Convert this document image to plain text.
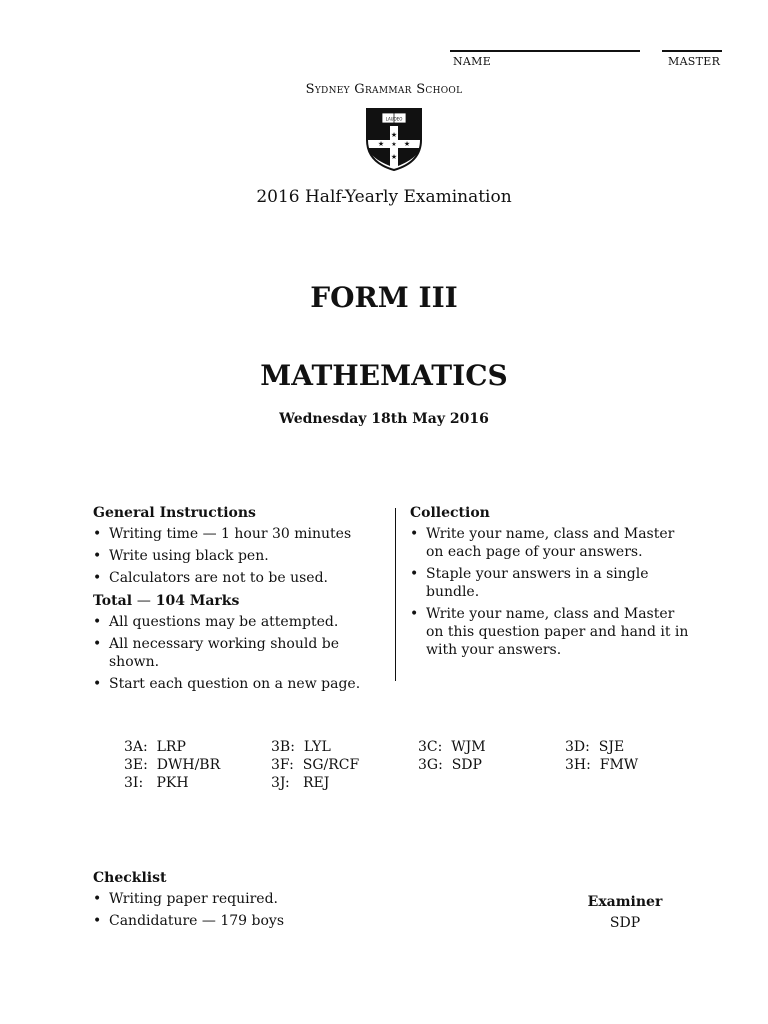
NAME	MASTER
Sydney Grammar School
LAUDEO
★
★	★
★
★
2016 Half-Yearly Examination
FORM III
MATHEMATICS
Wednesday 18th May 2016
General Instructions
• Writing time — 1 hour 30 minutes
• Write using black pen.
• Calculators are not to be used.
Total — 104 Marks
• All questions may be attempted.
• All necessary working should be shown.
• Start each question on a new page.
Collection
• Write your name, class and Master on each page of your answers.
• Staple your answers in a single bundle.
• Write your name, class and Master on this question paper and hand it in with your answers.
3A:  LRP	3B:  LYL	3C:  WJM	3D:  SJE
3E:  DWH/BR	3F:  SG/RCF	3G:  SDP	3H:  FMW
3I:   PKH	3J:   REJ
Checklist
• Writing paper required.
• Candidature — 179 boys
Examiner
SDP
